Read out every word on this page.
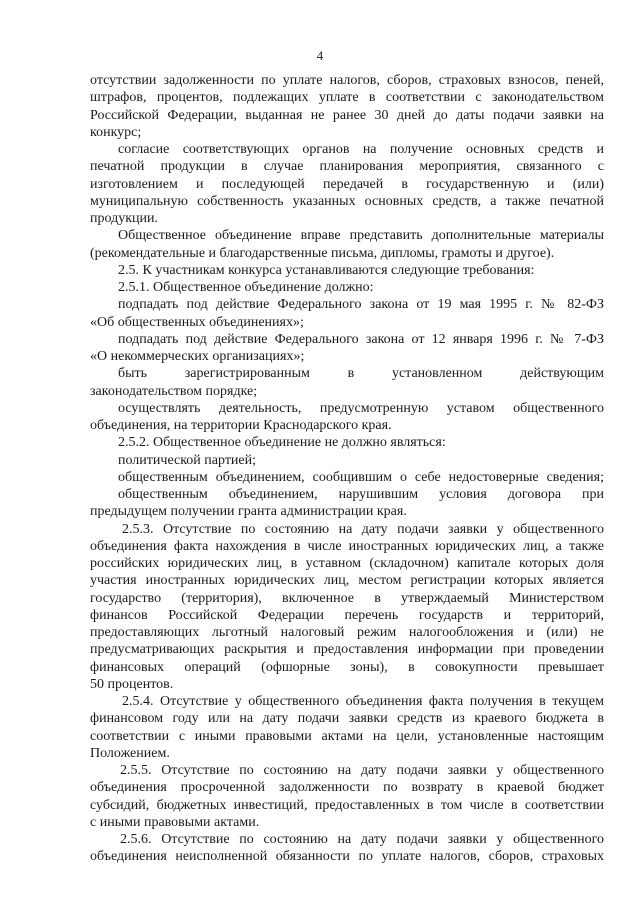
4
отсутствии задолженности по уплате налогов, сборов, страховых взносов, пеней,
штрафов, процентов, подлежащих уплате в соответствии с законодательством
Российской Федерации, выданная не ранее 30 дней до даты подачи заявки на
конкурс;
согласие соответствующих органов на получение основных средств и
печатной продукции в случае планирования мероприятия, связанного с
изготовлением и последующей передачей в государственную и (или)
муниципальную собственность указанных основных средств, а также печатной
продукции.
Общественное объединение вправе представить дополнительные материалы
(рекомендательные и благодарственные письма, дипломы, грамоты и другое).
2.5. К участникам конкурса устанавливаются следующие требования:
2.5.1. Общественное объединение должно:
подпадать под действие Федерального закона от 19 мая 1995 г. № 82-ФЗ
«Об общественных объединениях»;
подпадать под действие Федерального закона от 12 января 1996 г. № 7-ФЗ
«О некоммерческих организациях»;
быть зарегистрированным в установленном действующим
законодательством порядке;
осуществлять деятельность, предусмотренную уставом общественного
объединения, на территории Краснодарского края.
2.5.2. Общественное объединение не должно являться:
политической партией;
общественным объединением, сообщившим о себе недостоверные сведения;
общественным объединением, нарушившим условия договора при
предыдущем получении гранта администрации края.
2.5.3. Отсутствие по состоянию на дату подачи заявки у общественного
объединения факта нахождения в числе иностранных юридических лиц, а также
российских юридических лиц, в уставном (складочном) капитале которых доля
участия иностранных юридических лиц, местом регистрации которых является
государство (территория), включенное в утверждаемый Министерством
финансов Российской Федерации перечень государств и территорий,
предоставляющих льготный налоговый режим налогообложения и (или) не
предусматривающих раскрытия и предоставления информации при проведении
финансовых операций (офшорные зоны), в совокупности превышает
50 процентов.
2.5.4. Отсутствие у общественного объединения факта получения в текущем
финансовом году или на дату подачи заявки средств из краевого бюджета в
соответствии с иными правовыми актами на цели, установленные настоящим
Положением.
2.5.5. Отсутствие по состоянию на дату подачи заявки у общественного
объединения просроченной задолженности по возврату в краевой бюджет
субсидий, бюджетных инвестиций, предоставленных в том числе в соответствии
с иными правовыми актами.
2.5.6. Отсутствие по состоянию на дату подачи заявки у общественного
объединения неисполненной обязанности по уплате налогов, сборов, страховых
